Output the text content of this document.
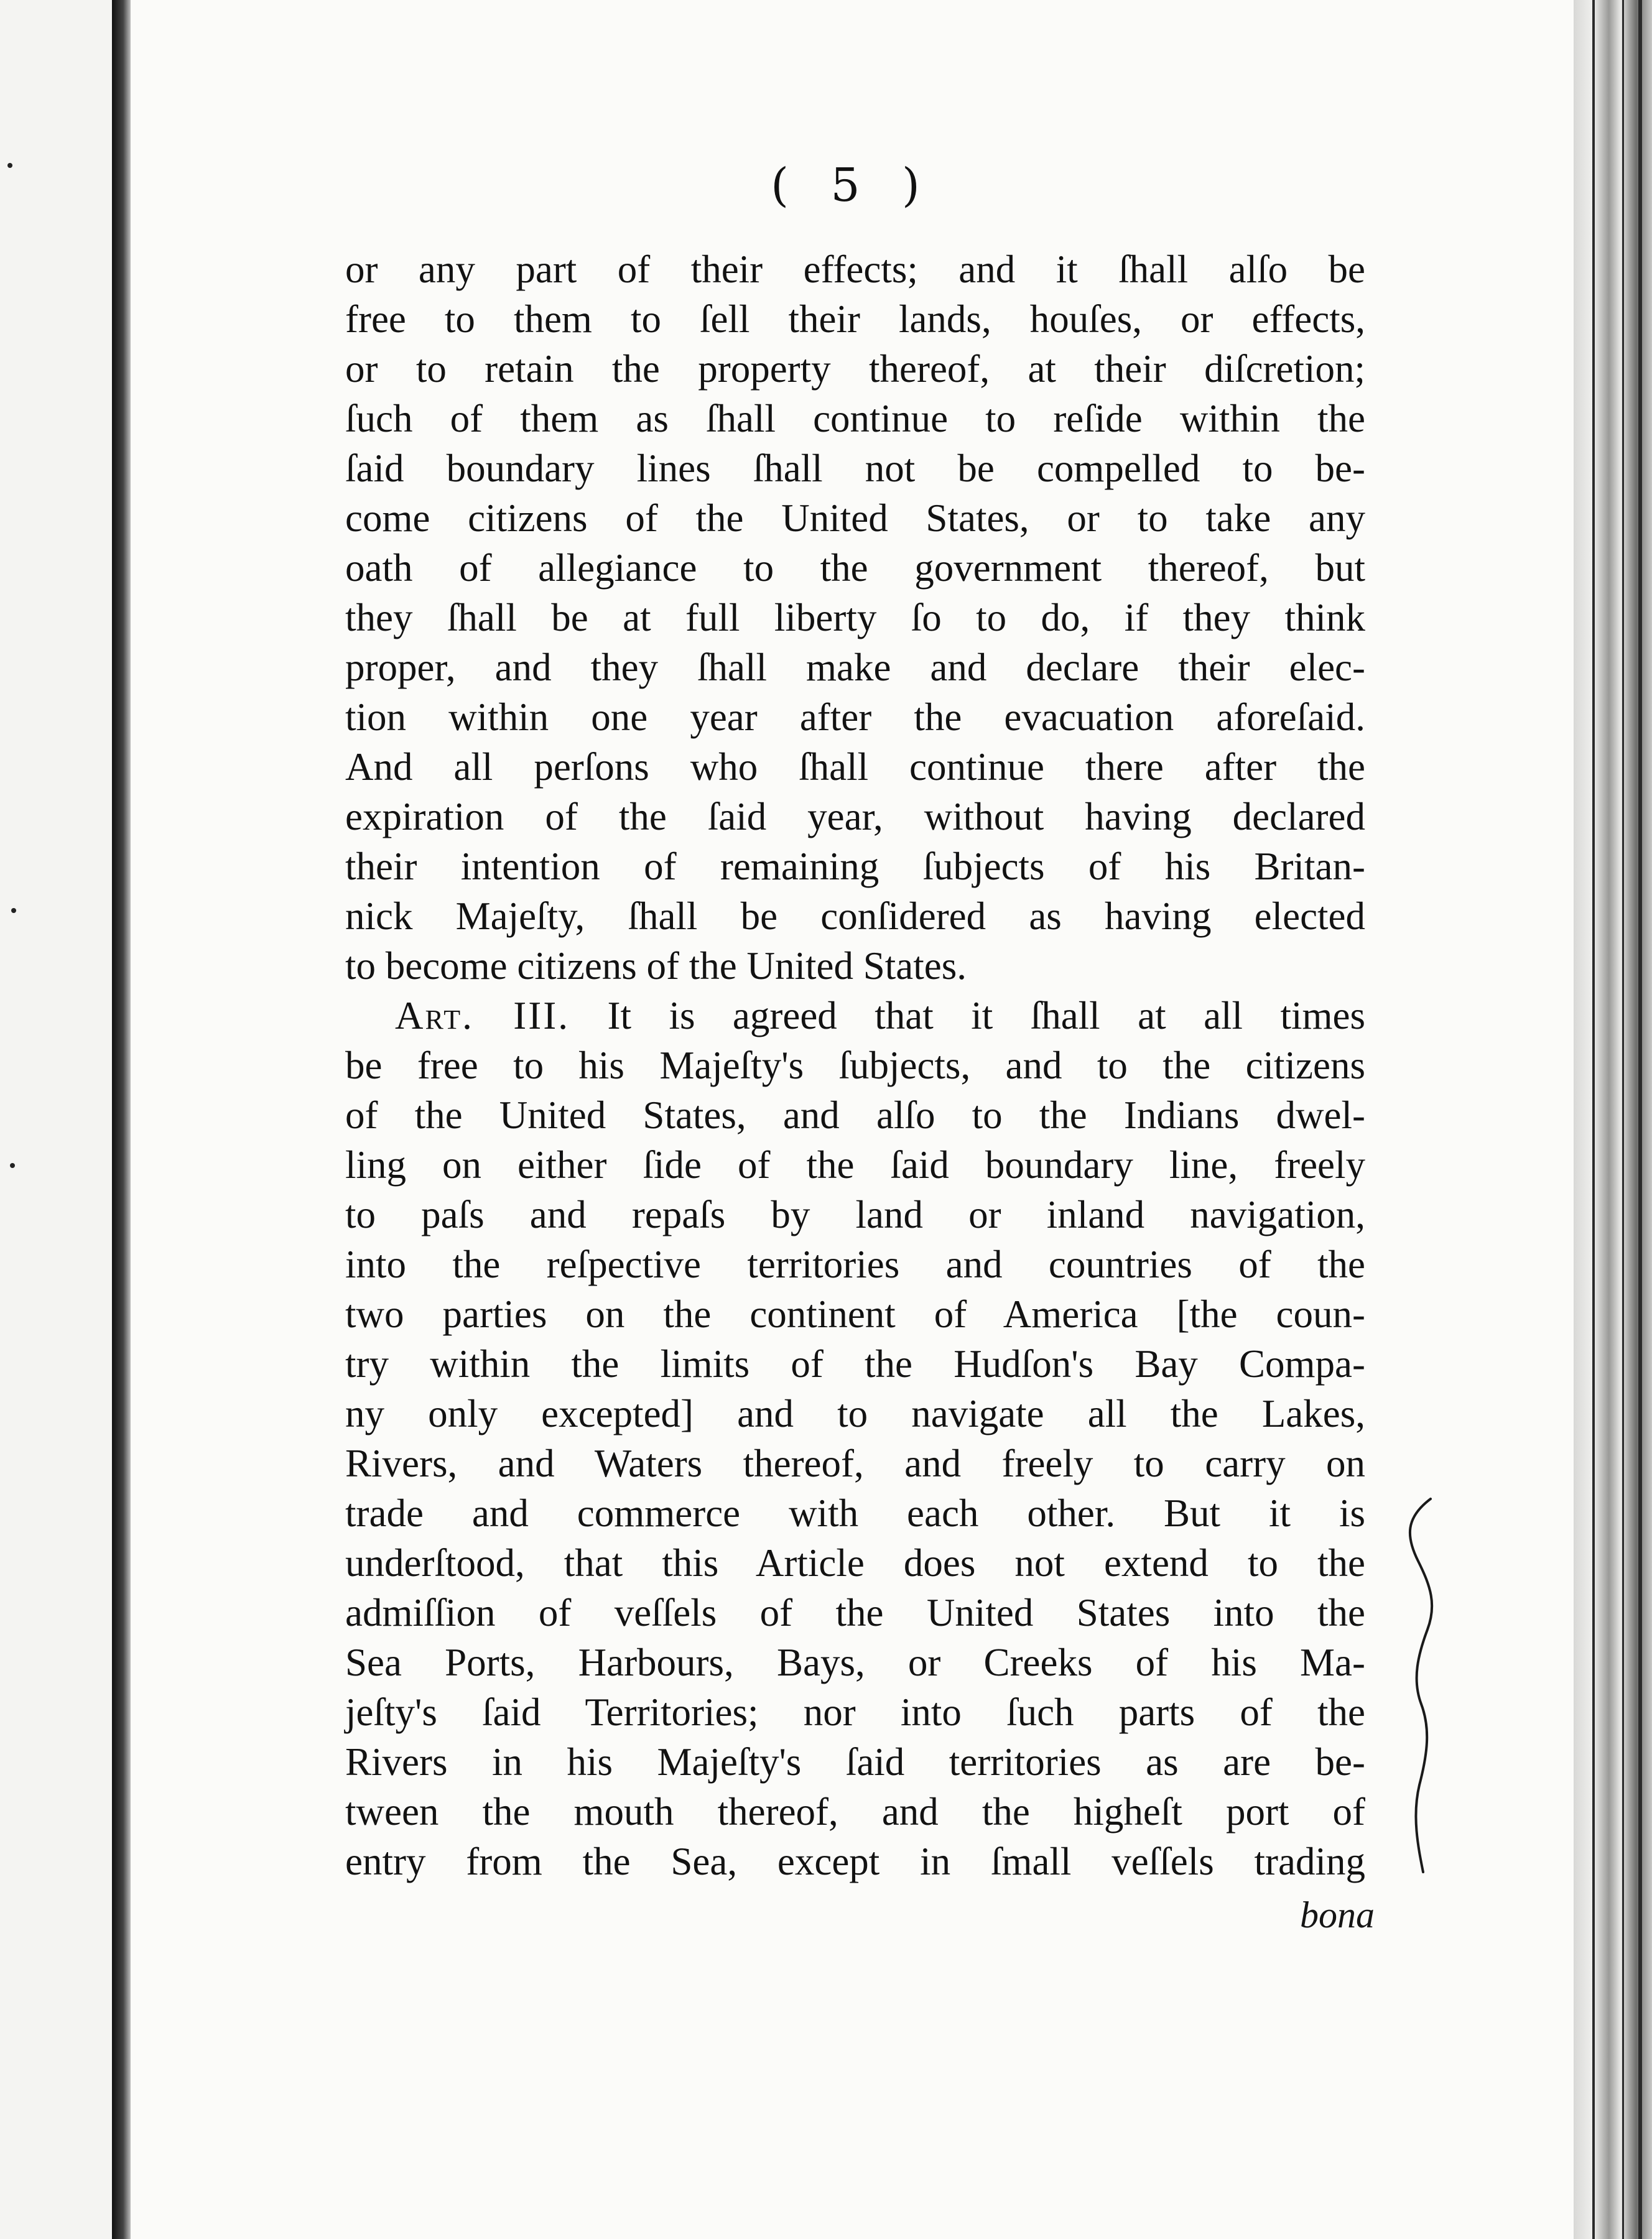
( 5 )
or any part of their effects; and it ſhall alſo be
free to them to ſell their lands, houſes, or effects,
or to retain the property thereof, at their diſcretion;
ſuch of them as ſhall continue to reſide within the
ſaid boundary lines ſhall not be compelled to be-
come citizens of the United States, or to take any
oath of allegiance to the government thereof, but
they ſhall be at full liberty ſo to do, if they think
proper, and they ſhall make and declare their elec-
tion within one year after the evacuation aforeſaid.
And all perſons who ſhall continue there after the
expiration of the ſaid year, without having declared
their intention of remaining ſubjects of his Britan-
nick Majeſty, ſhall be conſidered as having elected
to become citizens of the United States.
Art. III. It is agreed that it ſhall at all times
be free to his Majeſty's ſubjects, and to the citizens
of the United States, and alſo to the Indians dwel-
ling on either ſide of the ſaid boundary line, freely
to paſs and repaſs by land or inland navigation,
into the reſpective territories and countries of the
two parties on the continent of America [the coun-
try within the limits of the Hudſon's Bay Compa-
ny only excepted] and to navigate all the Lakes,
Rivers, and Waters thereof, and freely to carry on
trade and commerce with each other. But it is
underſtood, that this Article does not extend to the
admiſſion of veſſels of the United States into the
Sea Ports, Harbours, Bays, or Creeks of his Ma-
jeſty's ſaid Territories; nor into ſuch parts of the
Rivers in his Majeſty's ſaid territories as are be-
tween the mouth thereof, and the higheſt port of
entry from the Sea, except in ſmall veſſels trading
bona
